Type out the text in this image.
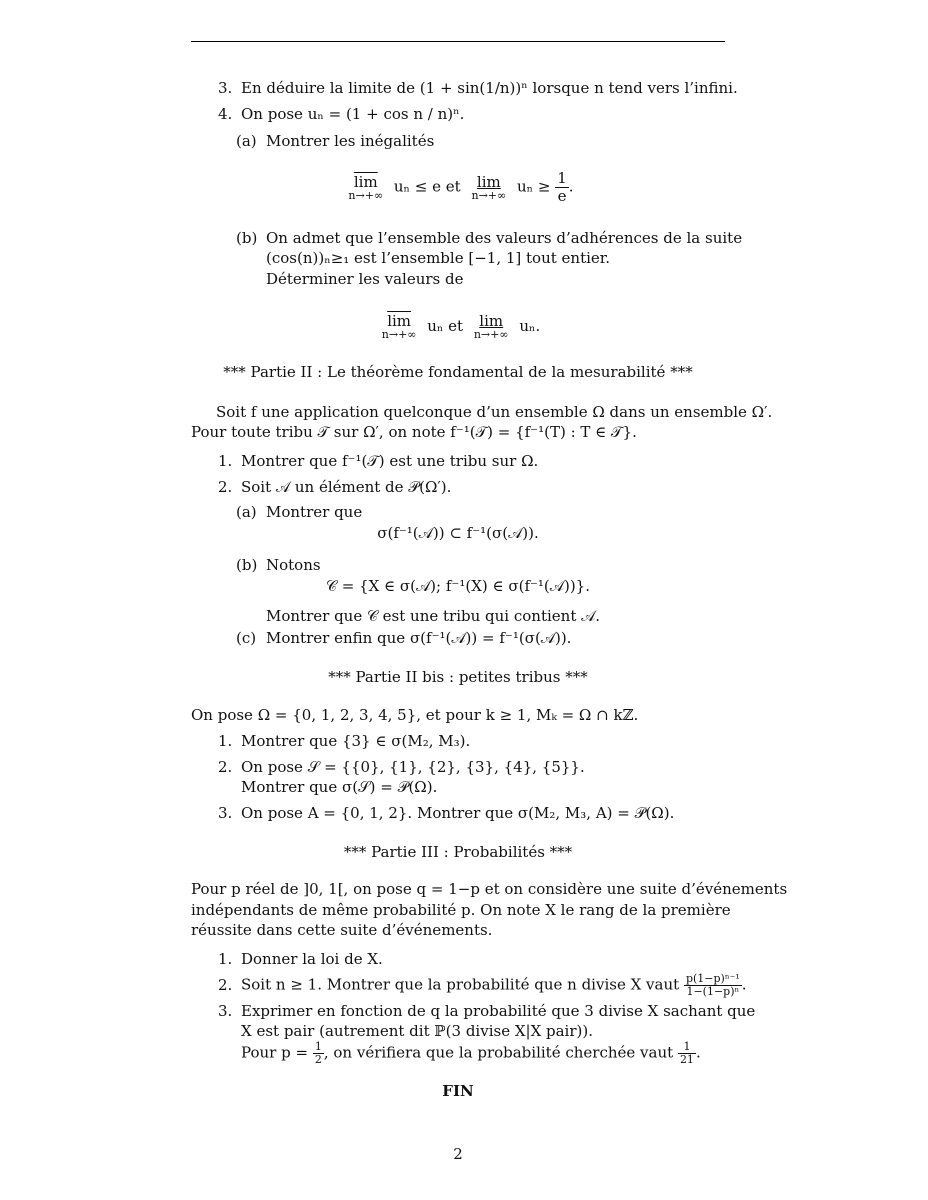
3. En déduire la limite de (1 + sin(1/n))ⁿ lorsque n tend vers l’infini.
4. On pose uₙ = (1 + cos n / n)ⁿ.
(a) Montrer les inégalités
$\overline{lim}$
n→+∞ uₙ ≤ e et	lim
n→+∞ $u_n \ge \frac{1}{e}$ .
(b) On admet que l’ensemble des valeurs d’adhérences de la suite
(cos(n))ₙ≥₁ est l’ensemble [−1, 1] tout entier.
Déterminer les valeurs de
$\overline{lim}$
n→+∞ uₙ et	lim
n→+∞ uₙ.
*** Partie II : Le théorème fondamental de la mesurabilité ***
Soit f une application quelconque d’un ensemble Ω dans un ensemble Ω′.
Pour toute tribu 𝒯 sur Ω′, on note f⁻¹(𝒯) = {f⁻¹(T) : T ∈ 𝒯}.
1. Montrer que f⁻¹(𝒯) est une tribu sur Ω.
2. Soit 𝒜 un élément de 𝒫(Ω′).
(a) Montrer que
σ(f⁻¹(𝒜)) ⊂ f⁻¹(σ(𝒜)).
(b) Notons
𝒞 = {X ∈ σ(𝒜); f⁻¹(X) ∈ σ(f⁻¹(𝒜))}.
Montrer que 𝒞 est une tribu qui contient 𝒜.
(c) Montrer enfin que σ(f⁻¹(𝒜)) = f⁻¹(σ(𝒜)).
*** Partie II bis : petites tribus ***
On pose Ω = {0, 1, 2, 3, 4, 5}, et pour k ≥ 1, Mₖ = Ω ∩ kℤ.
1. Montrer que {3} ∈ σ(M₂, M₃).
2. On pose 𝒮 = {{0}, {1}, {2}, {3}, {4}, {5}}.
Montrer que σ(𝒮) = 𝒫(Ω).
3. On pose A = {0, 1, 2}. Montrer que σ(M₂, M₃, A) = 𝒫(Ω).
*** Partie III : Probabilités ***
Pour p réel de ]0, 1[, on pose q = 1−p et on considère une suite d’événements
indépendants de même probabilité p. On note X le rang de la première
réussite dans cette suite d’événements.
1. Donner la loi de X.
2. Soit n ≥ 1. Montrer que la probabilité que n divise X vaut $\frac{\text{p(1−p)ⁿ⁻¹}}{\text{1−(1−p)ⁿ}}$ .
3. Exprimer en fonction de q la probabilité que 3 divise X sachant que
X est pair (autrement dit ℙ(3 divise X|X pair)).
Pour $p = \frac{1}{2}$ , on vérifiera que la probabilité cherchée vaut $\frac{1}{21}$ .
FIN
2
